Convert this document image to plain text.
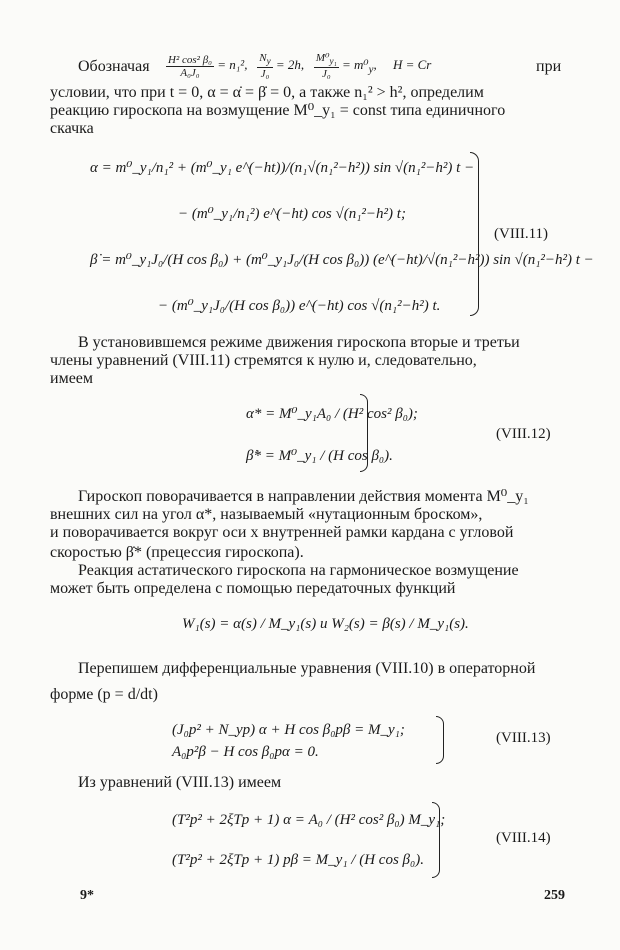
Обозначая $\frac{\text{H² cos² β₀}}{\text{A₀J₀}} = n_1^2$, $\frac{N_y}{\text{J₀}} = 2h$, $\frac{M^0_{y_1}}{\text{J₀}} = m^0_y$,     H = Cr	при
условии, что при t = 0, α = α̇ = β̇ = 0, а также n₁² > h², определим
реакцию гироскопа на возмущение M⁰_y₁ = const типа единичного
скачка
α = m⁰_y₁/n₁² + (m⁰_y₁ e^(−ht))/(n₁√(n₁²−h²)) sin √(n₁²−h²) t −
− (m⁰_y₁/n₁²) e^(−ht) cos √(n₁²−h²) t;
β̇ = m⁰_y₁J₀/(H cos β₀) + (m⁰_y₁J₀/(H cos β₀)) (e^(−ht)/√(n₁²−h²)) sin √(n₁²−h²) t −
− (m⁰_y₁J₀/(H cos β₀)) e^(−ht) cos √(n₁²−h²) t.
(VIII.11)
В установившемся режиме движения гироскопа вторые и третьи
члены уравнений (VIII.11) стремятся к нулю и, следовательно,
имеем
α* = M⁰_y₁A₀ / (H² cos² β₀);
β̇* = M⁰_y₁ / (H cos β₀).
(VIII.12)
Гироскоп поворачивается в направлении действия момента M⁰_y₁
внешних сил на угол α*, называемый «нутационным броском»,
и поворачивается вокруг оси x внутренней рамки кардана с угловой
скоростью β̇* (прецессия гироскопа).
Реакция астатического гироскопа на гармоническое возмущение
может быть определена с помощью передаточных функций
W₁(s) = α(s) / M_y₁(s) и W₂(s) = β(s) / M_y₁(s).
Перепишем дифференциальные уравнения (VIII.10) в операторной
форме (p = d/dt)
(J₀p² + N_yp) α + H cos β₀pβ = M_y₁;
A₀p²β − H cos β₀pα = 0.
(VIII.13)
Из уравнений (VIII.13) имеем
(T²p² + 2ξTp + 1) α = A₀ / (H² cos² β₀) M_y₁;
(T²p² + 2ξTp + 1) pβ = M_y₁ / (H cos β₀).
(VIII.14)
9*	259
